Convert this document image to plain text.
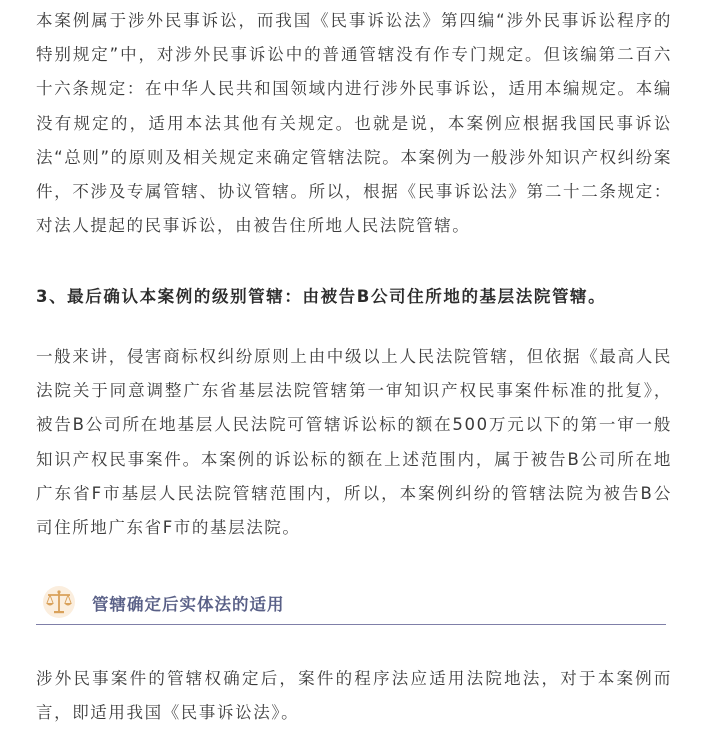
本案例属于涉外民事诉讼，而我国《民事诉讼法》第四编“涉外民事诉讼程序的特别规定”中，对涉外民事诉讼中的普通管辖没有作专门规定。但该编第二百六十六条规定：在中华人民共和国领域内进行涉外民事诉讼，适用本编规定。本编没有规定的，适用本法其他有关规定。也就是说，本案例应根据我国民事诉讼法“总则”的原则及相关规定来确定管辖法院。本案例为一般涉外知识产权纠纷案件，不涉及专属管辖、协议管辖。所以，根据《民事诉讼法》第二十二条规定：对法人提起的民事诉讼，由被告住所地人民法院管辖。

3、最后确认本案例的级别管辖：由被告B公司住所地的基层法院管辖。

一般来讲，侵害商标权纠纷原则上由中级以上人民法院管辖，但依据《最高人民法院关于同意调整广东省基层法院管辖第一审知识产权民事案件标准的批复》，被告B公司所在地基层人民法院可管辖诉讼标的额在500万元以下的第一审一般知识产权民事案件。本案例的诉讼标的额在上述范围内，属于被告B公司所在地广东省F市基层人民法院管辖范围内，所以，本案例纠纷的管辖法院为被告B公司住所地广东省F市的基层法院。

管辖确定后实体法的适用

涉外民事案件的管辖权确定后，案件的程序法应适用法院地法，对于本案例而言，即适用我国《民事诉讼法》。
